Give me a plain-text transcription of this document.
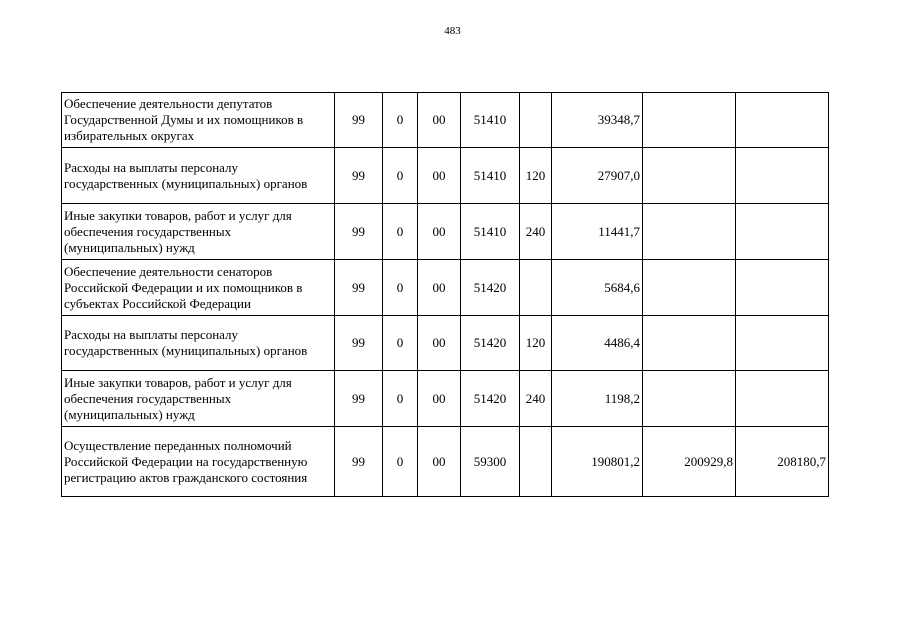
483
Обеспечение деятельности депутатов Государственной Думы и их помощников в избирательных округах	99	0	00	51410		39348,7		
Расходы на выплаты персоналу государственных (муниципальных) органов	99	0	00	51410	120	27907,0		
Иные закупки товаров, работ и услуг для обеспечения государственных (муниципальных) нужд	99	0	00	51410	240	11441,7		
Обеспечение деятельности сенаторов Российской Федерации и их помощников в субъектах Российской Федерации	99	0	00	51420		5684,6		
Расходы на выплаты персоналу государственных (муниципальных) органов	99	0	00	51420	120	4486,4		
Иные закупки товаров, работ и услуг для обеспечения государственных (муниципальных) нужд	99	0	00	51420	240	1198,2		
Осуществление переданных полномочий Российской Федерации на государственную регистрацию актов гражданского состояния	99	0	00	59300		190801,2	200929,8	208180,7
